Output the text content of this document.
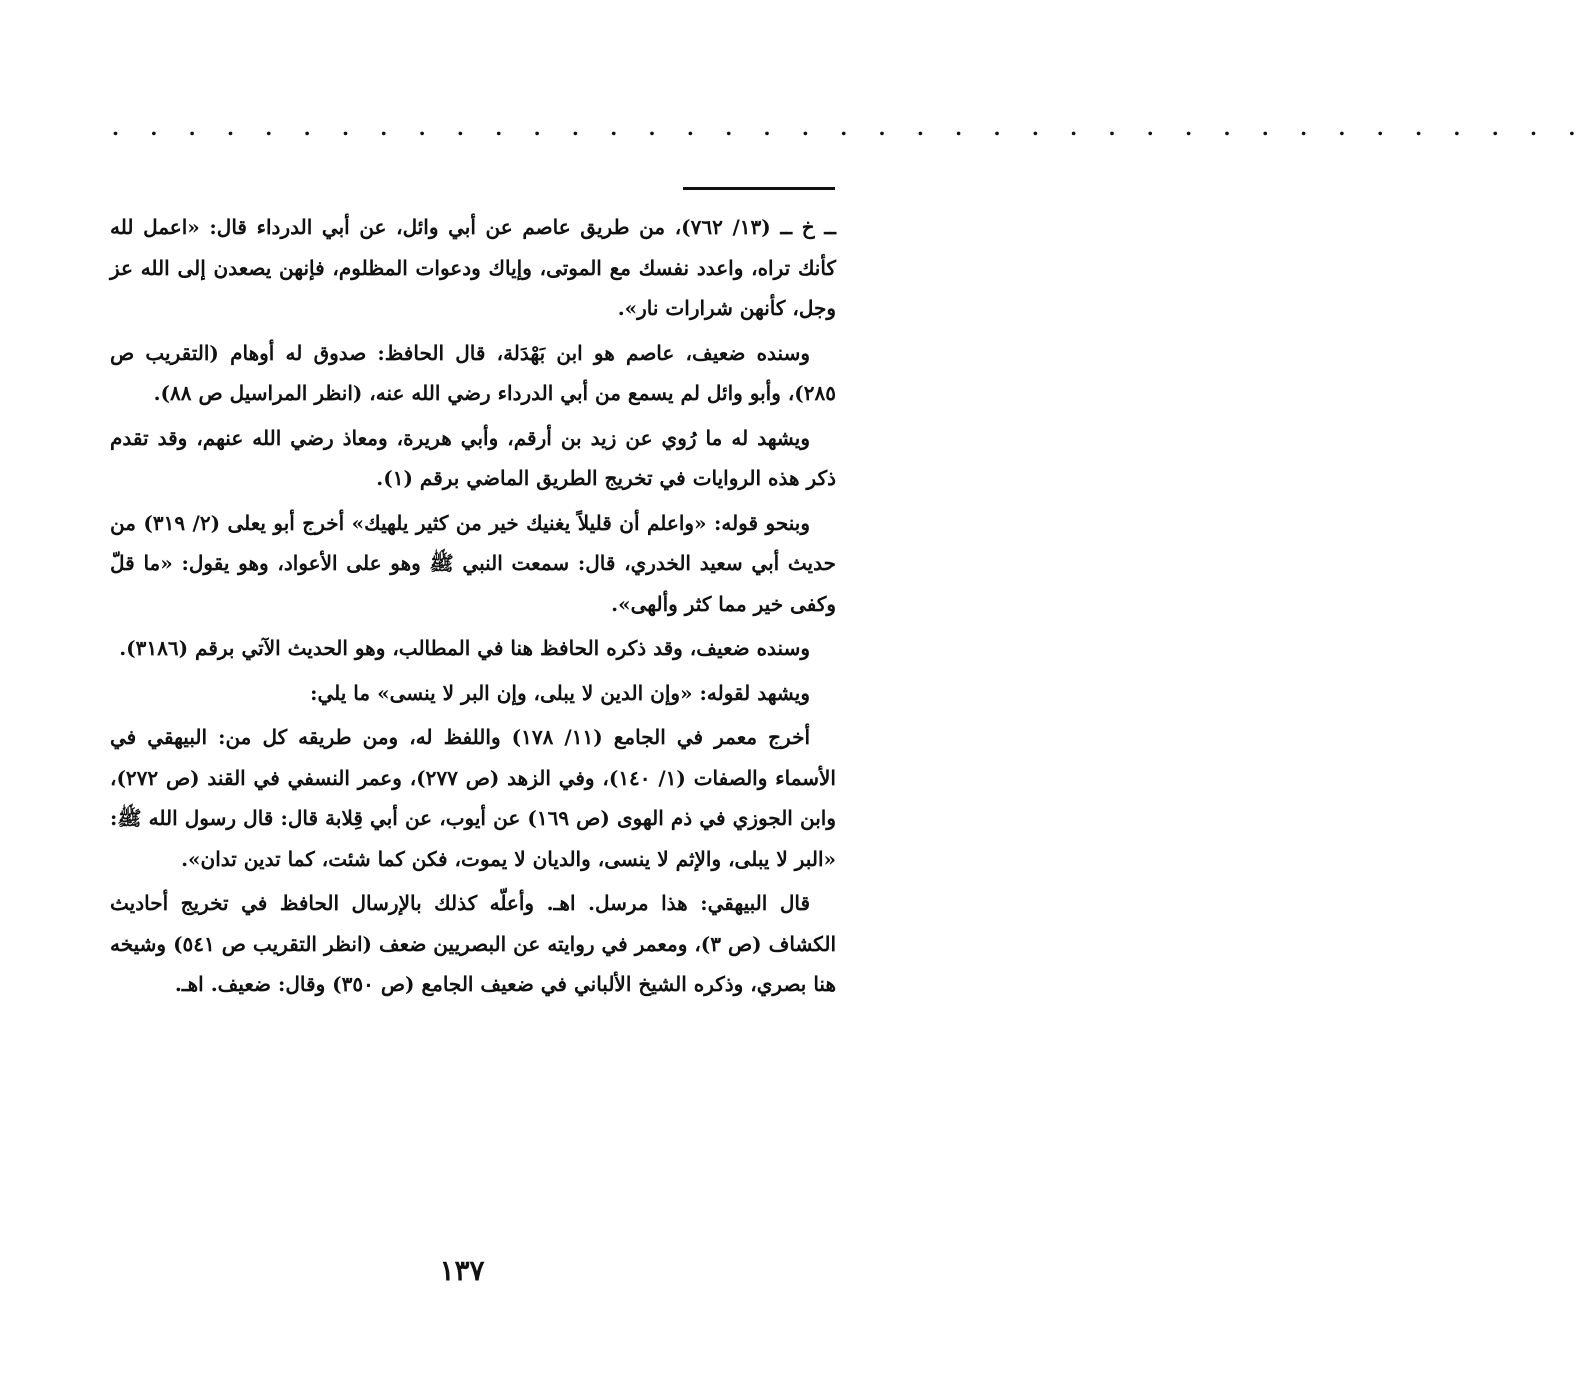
. . . . . . . . . . . . . . . . . . . . . . . . . . . . . . . . . . . . . . .

ــ خ ــ (١٣/ ٧٦٢)، من طريق عاصم عن أبي وائل، عن أبي الدرداء قال: «اعمل لله كأنك تراه، واعدد نفسك مع الموتى، وإياك ودعوات المظلوم، فإنهن يصعدن إلى الله عز وجل، كأنهن شرارات نار».

وسنده ضعيف، عاصم هو ابن بَهْدَلة، قال الحافظ: صدوق له أوهام (التقريب ص ٢٨٥)، وأبو وائل لم يسمع من أبي الدرداء رضي الله عنه، (انظر المراسيل ص ٨٨).

ويشهد له ما رُوي عن زيد بن أرقم، وأبي هريرة، ومعاذ رضي الله عنهم، وقد تقدم ذكر هذه الروايات في تخريج الطريق الماضي برقم (١).

وبنحو قوله: «واعلم أن قليلاً يغنيك خير من كثير يلهيك» أخرج أبو يعلى (٢/ ٣١٩) من حديث أبي سعيد الخدري، قال: سمعت النبي ﷺ وهو على الأعواد، وهو يقول: «ما قلّ وكفى خير مما كثر وألهى».

وسنده ضعيف، وقد ذكره الحافظ هنا في المطالب، وهو الحديث الآتي برقم (٣١٨٦).

ويشهد لقوله: «وإن الدين لا يبلى، وإن البر لا ينسى» ما يلي:

أخرج معمر في الجامع (١١/ ١٧٨) واللفظ له، ومن طريقه كل من: البيهقي في الأسماء والصفات (١/ ١٤٠)، وفي الزهد (ص ٢٧٧)، وعمر النسفي في القند (ص ٢٧٢)، وابن الجوزي في ذم الهوى (ص ١٦٩) عن أيوب، عن أبي قِلابة قال: قال رسول الله ﷺ: «البر لا يبلى، والإثم لا ينسى، والديان لا يموت، فكن كما شئت، كما تدين تدان».

قال البيهقي: هذا مرسل. اهـ. وأعلّه كذلك بالإرسال الحافظ في تخريج أحاديث الكشاف (ص ٣)، ومعمر في روايته عن البصريين ضعف (انظر التقريب ص ٥٤١) وشيخه هنا بصري، وذكره الشيخ الألباني في ضعيف الجامع (ص ٣٥٠) وقال: ضعيف. اهـ.

١٣٧
